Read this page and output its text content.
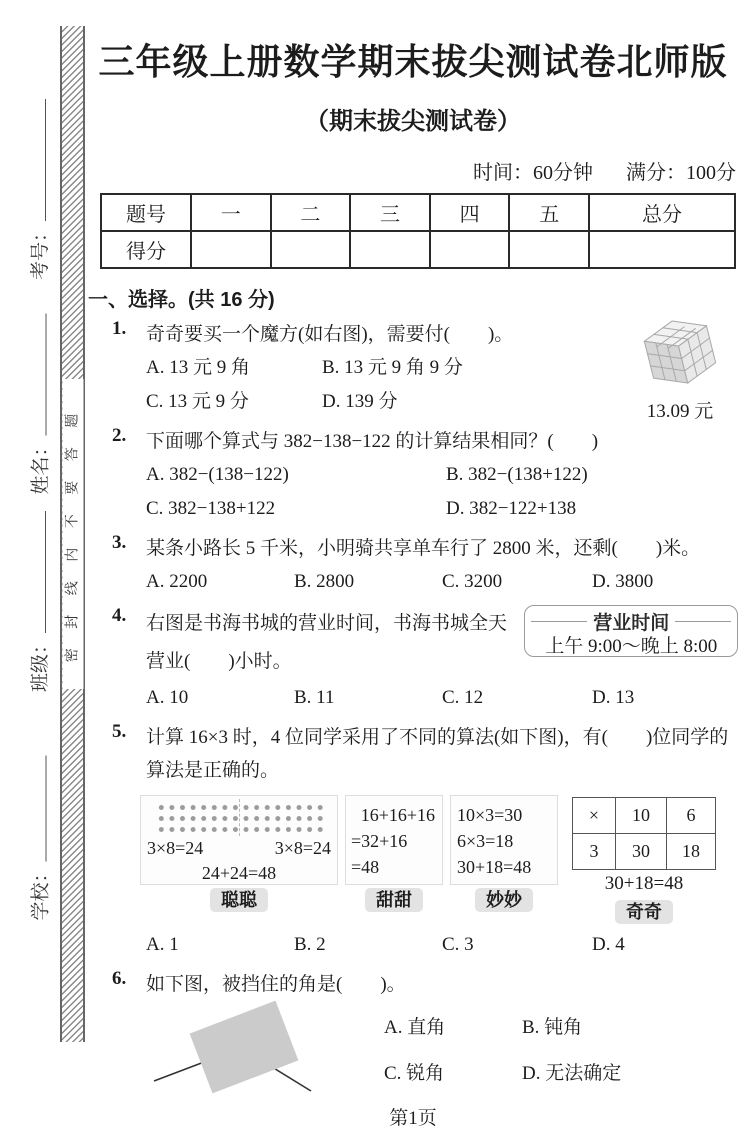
考号：
姓名：
班级：
学校：
密 封 线 内 不 要 答 题
三年级上册数学期末拔尖测试卷北师版
（期末拔尖测试卷）
时间：60分钟 满分：100分
题号	一	二	三	四	五	总分
得分						
一、选择。(共 16 分)
1. 奇奇要买一个魔方(如右图)，需要付(　　)。
A. 13 元 9 角	B. 13 元 9 角 9 分
C. 13 元 9 分	D. 139 分	13.09 元
2. 下面哪个算式与 382−138−122 的计算结果相同？(　　)
A. 382−(138−122)	B. 382−(138+122)
C. 382−138+122	D. 382−122+138
3. 某条小路长 5 千米，小明骑共享单车行了 2800 米，还剩(　　)米。
A. 2200	B. 2800	C. 3200	D. 3800
4. 右图是书海书城的营业时间，书海书城全天营业(　　)小时。
营业时间
上午 9:00～晚上 8:00
A. 10	B. 11	C. 12	D. 13
5. 计算 16×3 时，4 位同学采用了不同的算法(如下图)，有(　　)位同学的算法是正确的。
3×8=24	3×8=24
24+24=48
聪聪
16+16+16
=32+16
=48
甜甜
10×3=30
6×3=18
30+18=48
妙妙
×	10	6
3	30	18
30+18=48
奇奇
A. 1	B. 2	C. 3	D. 4
6. 如下图，被挡住的角是(　　)。
A. 直角	B. 钝角
C. 锐角	D. 无法确定
第1页
